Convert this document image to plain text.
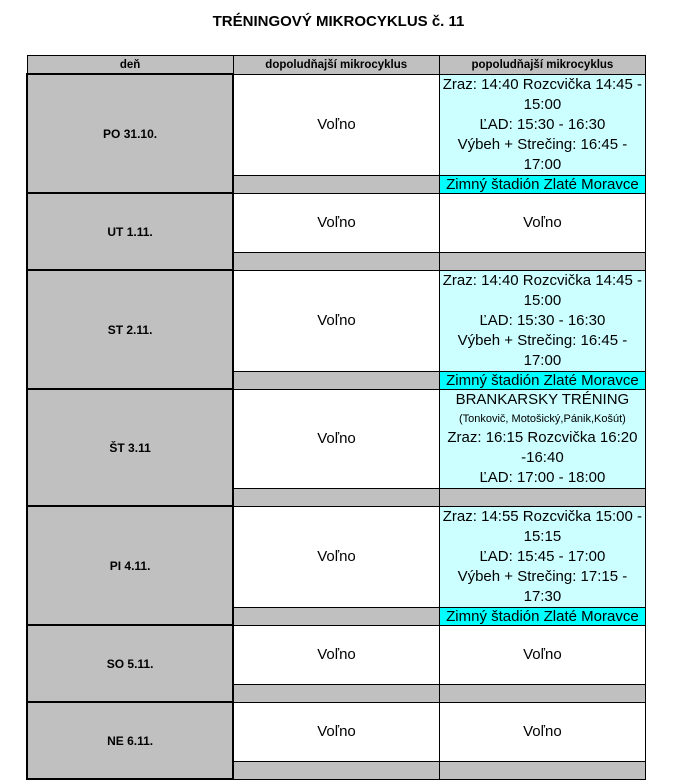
TRÉNINGOVÝ MIKROCYKLUS č. 11
deň	dopoludňajší mikrocyklus	popoludňajší mikrocyklus
PO 31.10.	Voľno	Zraz: 14:40 Rozcvička 14:45 - 15:00
ĽAD: 15:30 - 16:30
Výbeh + Strečing: 16:45 - 17:00

		Zimný štadión Zlaté Moravce
UT 1.11.	Voľno	Voľno

ST 2.11.	Voľno	Zraz: 14:40 Rozcvička 14:45 - 15:00
ĽAD: 15:30 - 16:30
Výbeh + Strečing: 16:45 - 17:00

		Zimný štadión Zlaté Moravce
ŠT 3.11	Voľno	BRANKARSKY TRÉNING
(Tonkovič, Motošický,Pánik,Košút)
Zraz: 16:15 Rozcvička 16:20 -16:40
ĽAD: 17:00 - 18:00

PI 4.11.	Voľno	Zraz: 14:55 Rozcvička 15:00 - 15:15
ĽAD: 15:45 - 17:00
Výbeh + Strečing: 17:15 - 17:30

		Zimný štadión Zlaté Moravce
SO 5.11.	Voľno	Voľno

NE 6.11.	Voľno	Voľno
